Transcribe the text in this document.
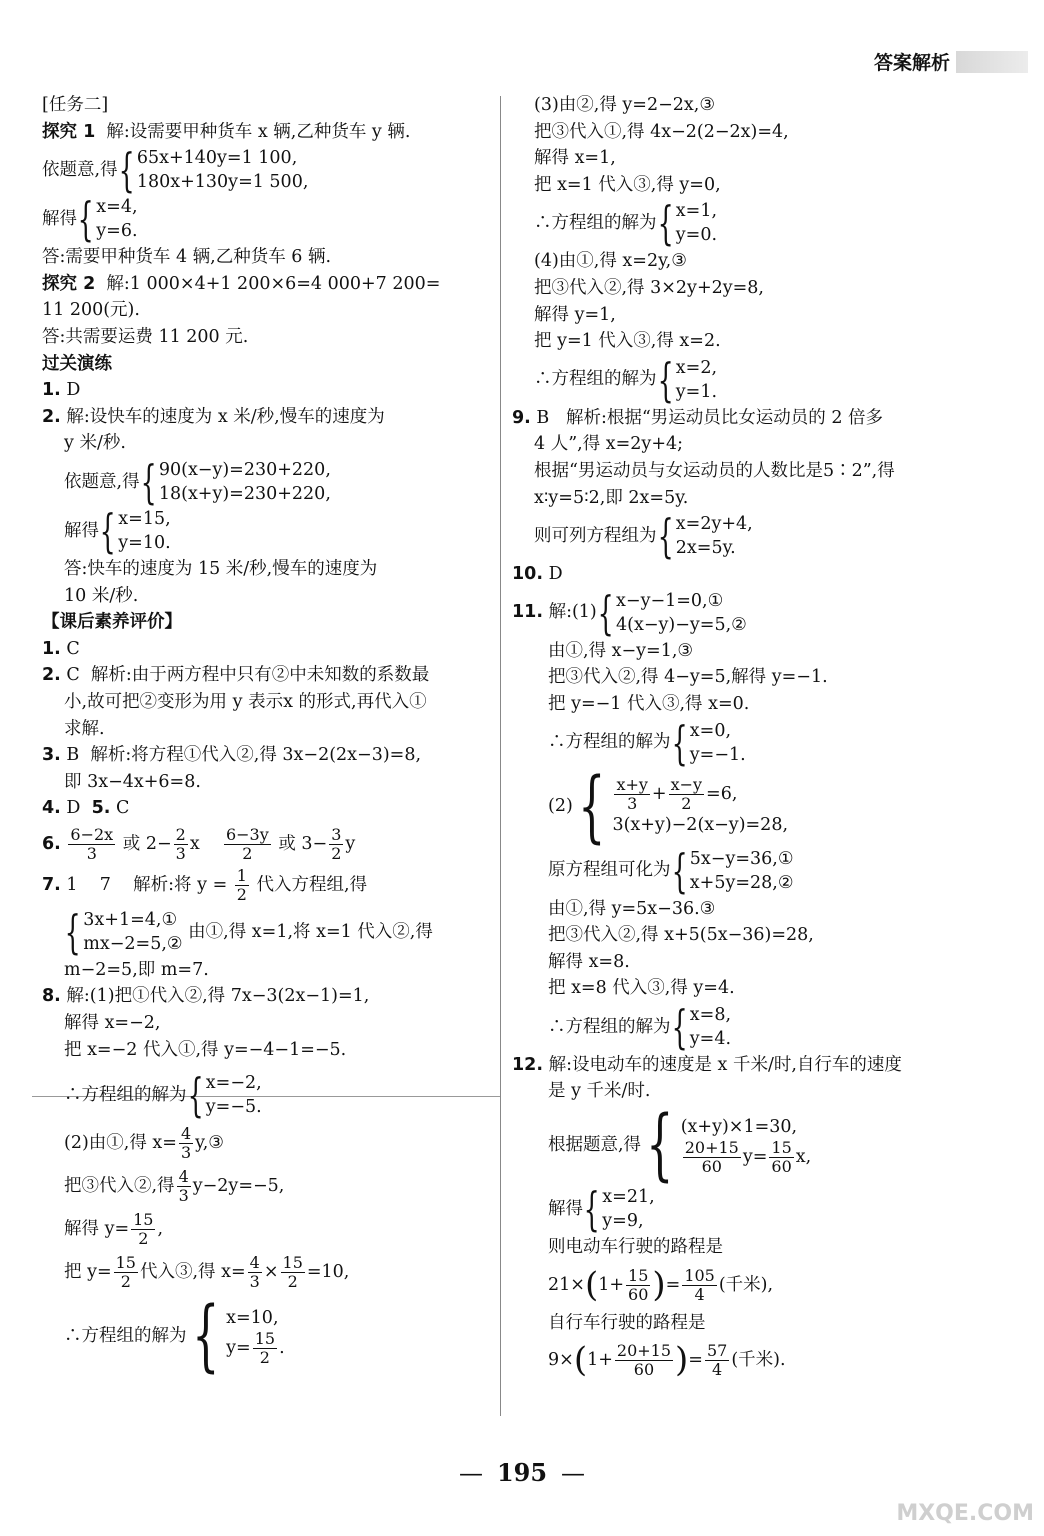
答案解析
[任务二]
探究 1  解:设需要甲种货车 x 辆,乙种货车 y 辆.
依题意,得 { 65x+140y=1 100,
180x+130y=1 500,
解得 { x=4,
y=6.
答:需要甲种货车 4 辆,乙种货车 6 辆.
探究 2  解:1 000×4+1 200×6=4 000+7 200=
11 200(元).
答:共需要运费 11 200 元.
过关演练
1. D
2. 解:设快车的速度为 x 米/秒,慢车的速度为
y 米/秒.
依题意,得 { 90(x−y)=230+220,
18(x+y)=230+220,
解得 { x=15,
y=10.
答:快车的速度为 15 米/秒,慢车的速度为
10 米/秒.
【课后素养评价】
1. C
2. C  解析:由于两方程中只有②中未知数的系数最
小,故可把②变形为用 y 表示x 的形式,再代入①
求解.
3. B  解析:将方程①代入②,得 3x−2(2x−3)=8,
即 3x−4x+6=8.
4. D  5. C
6. $\frac{6-2x}{3}$ 或 $2- \frac{2}{3}$ x $\frac{6-3y}{2}$ 或 $3- \frac{3}{2}$ y
7. 1    7    解析:将 $y = \frac{1}{2}$ 代入方程组,得
{ 3x+1=4,①
mx−2=5,②
由①,得 x=1,将 x=1 代入②,得
m−2=5,即 m=7.
8. 解:(1)把①代入②,得 7x−3(2x−1)=1,
解得 x=−2,
把 x=−2 代入①,得 y=−4−1=−5.
∴方程组的解为 { x=−2,
y=−5.
(2)由①,得 $x= \frac{4}{3}$ y,③
把③代入②,得 $\frac{4}{3} y-2y=-5$,
解得 $y= \frac{15}{2}$ ,
把 $y= \frac{15}{2}$ 代入③,得 $x= \frac{4}{3} \times \frac{15}{2} =10$,
∴方程组的解为 { x=10,
$y= \frac{15}{2}$ .
(3)由②,得 y=2−2x,③
把③代入①,得 4x−2(2−2x)=4,
解得 x=1,
把 x=1 代入③,得 y=0,
∴方程组的解为 { x=1,
y=0.
(4)由①,得 x=2y,③
把③代入②,得 3×2y+2y=8,
解得 y=1,
把 y=1 代入③,得 x=2.
∴方程组的解为 { x=2,
y=1.
9. B   解析:根据“男运动员比女运动员的 2 倍多
4 人”,得 x=2y+4;
根据“男运动员与女运动员的人数比是5∶2”,得
x∶y=5∶2,即 2x=5y.
则可列方程组为 { x=2y+4,
2x=5y.
10. D
11. 解:(1) { x−y−1=0,①
4(x−y)−y=5,②
由①,得 x−y=1,③
把③代入②,得 4−y=5,解得 y=−1.
把 y=−1 代入③,得 x=0.
∴方程组的解为 { x=0,
y=−1.
(2) { $\frac{x+y}{3} + \frac{x-y}{2} =6$,
3(x+y)−2(x−y)=28,
原方程组可化为 { 5x−y=36,①
x+5y=28,②
由①,得 y=5x−36.③
把③代入②,得 x+5(5x−36)=28,
解得 x=8.
把 x=8 代入③,得 y=4.
∴方程组的解为 { x=8,
y=4.
12. 解:设电动车的速度是 x 千米/时,自行车的速度
是 y 千米/时.
根据题意,得 { (x+y)×1=30,
$\frac{20+15}{60} y= \frac{15}{60} x$,
解得 { x=21,
y=9,
则电动车行驶的路程是
$21\times(1+ \frac{15}{60}$ )= $\frac{105}{4}$ (千米),
自行车行驶的路程是
$9\times(1+ \frac{20+15}{60}$ )= $\frac{57}{4}$ (千米).
— 195 —
MXQE.COM
